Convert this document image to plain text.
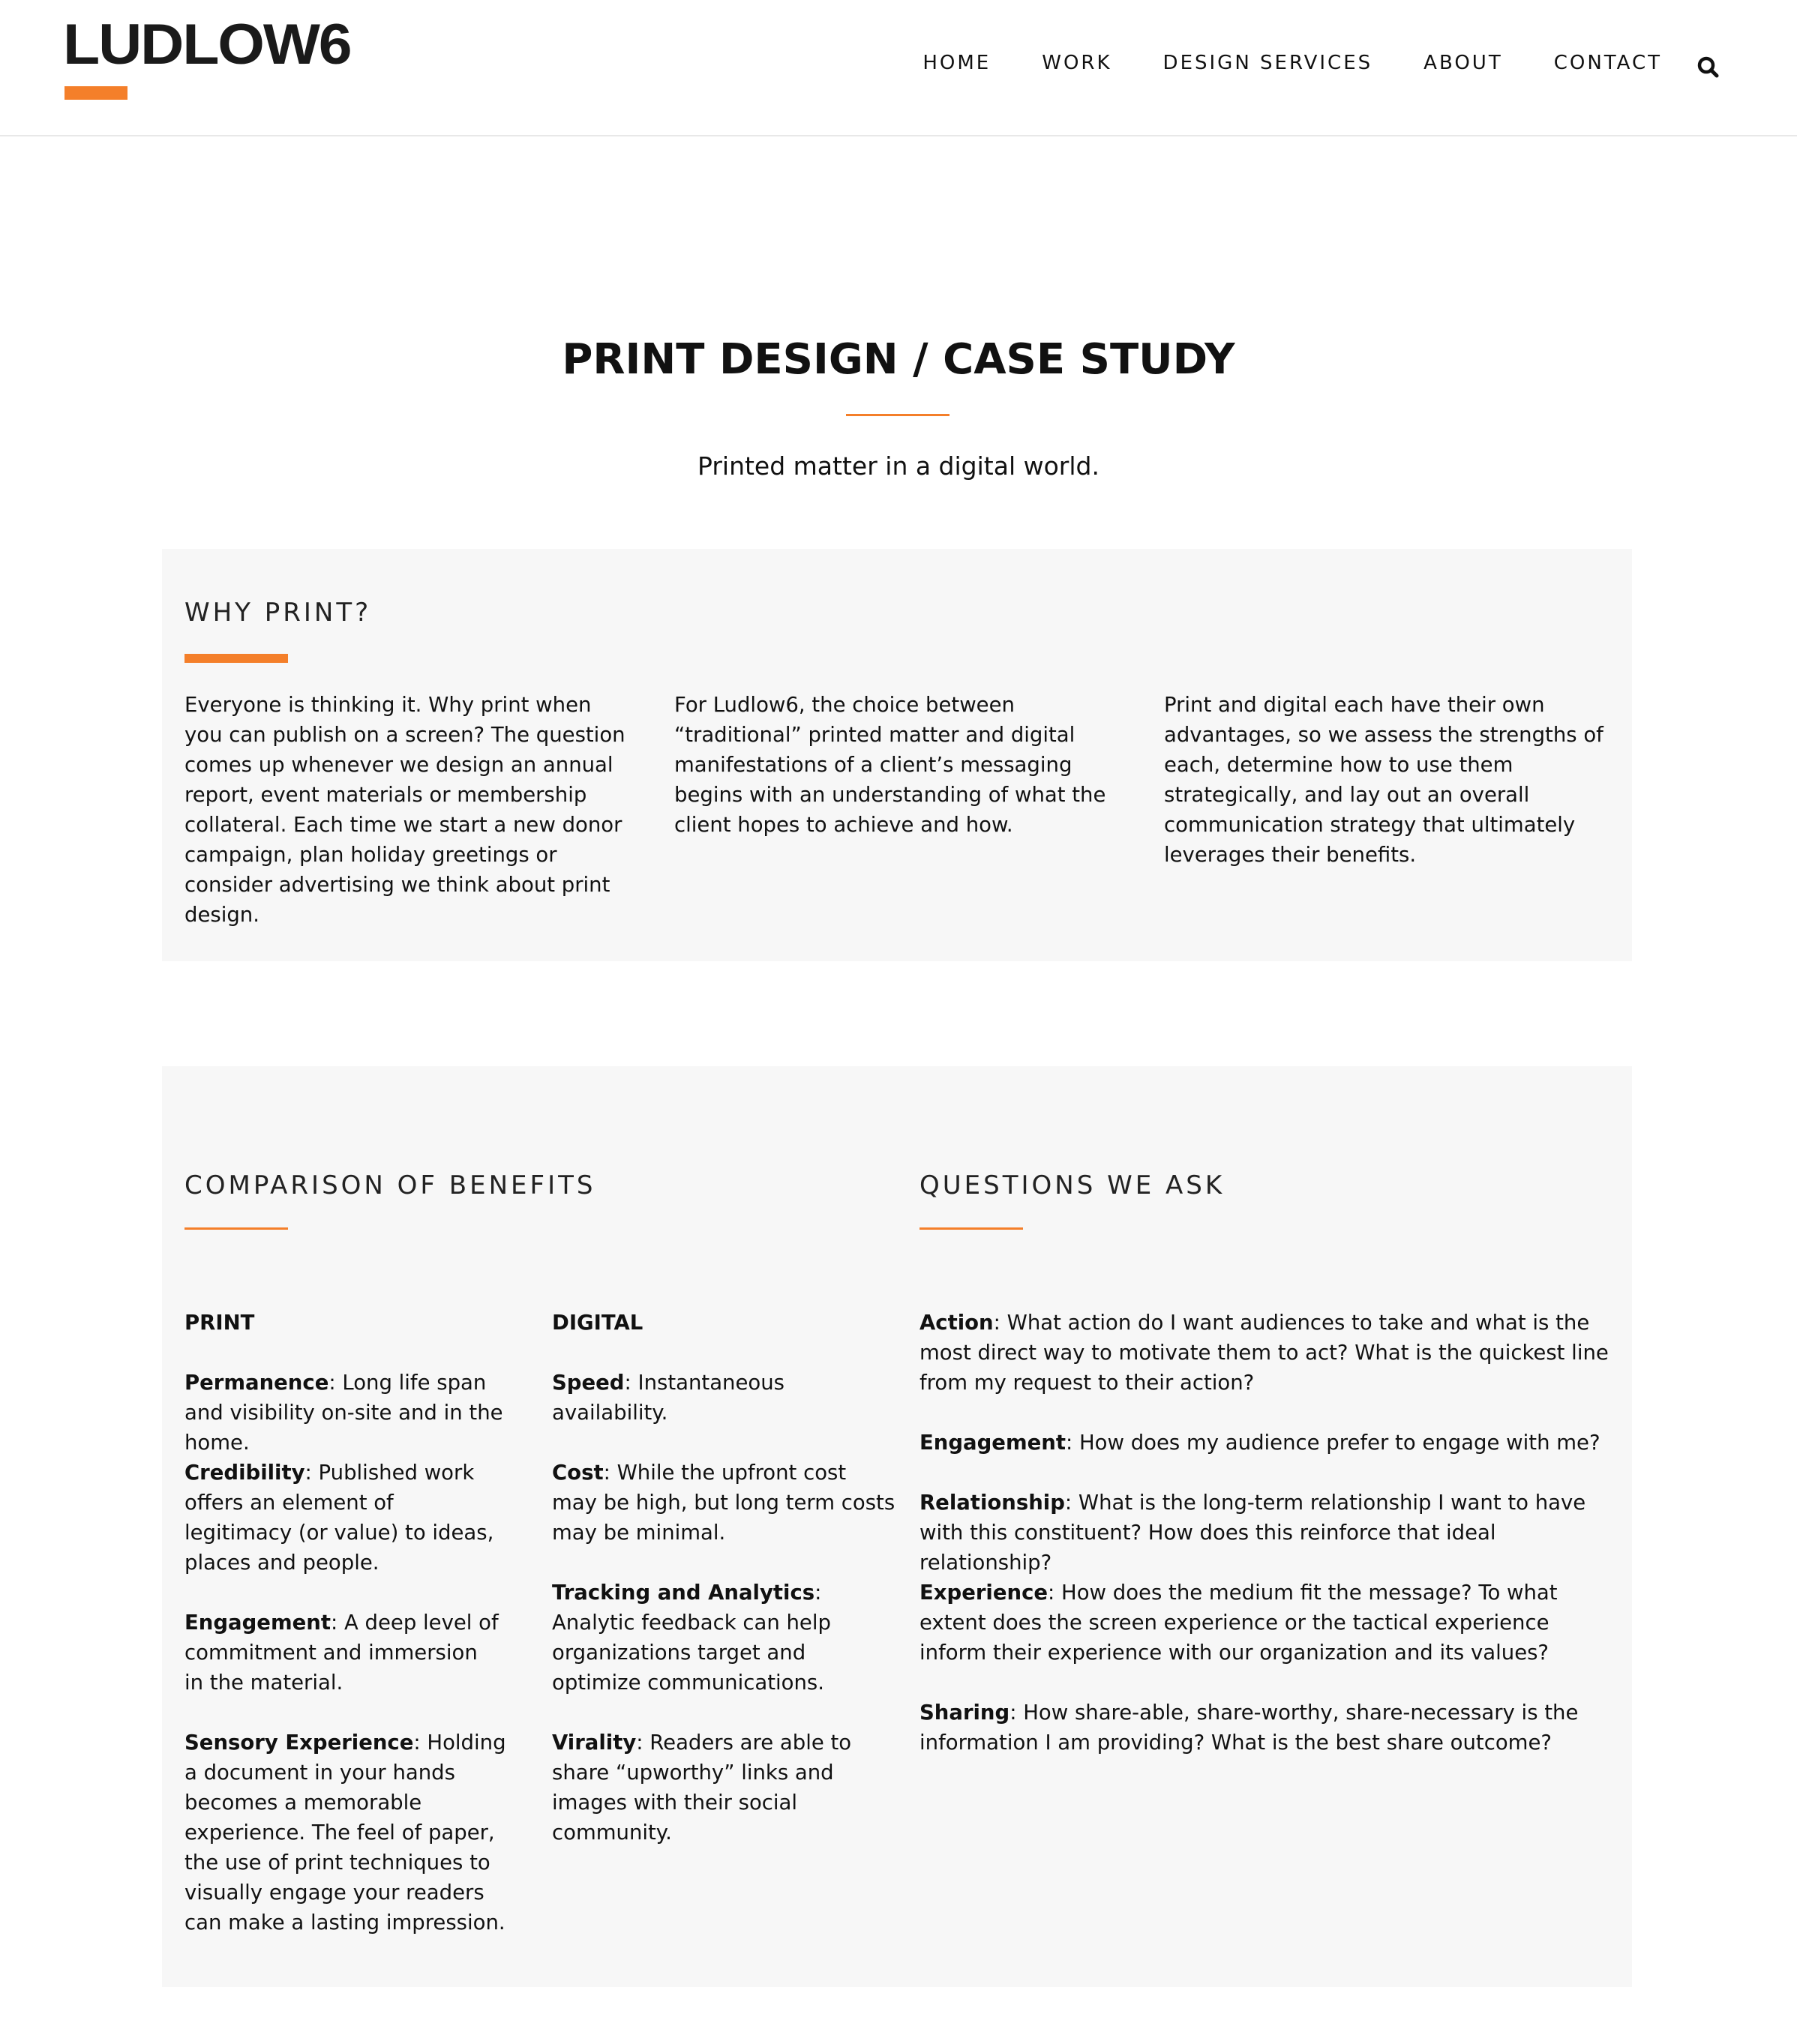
LUDLOW6	HOME	WORK	DESIGN SERVICES	ABOUT	CONTACT
PRINT DESIGN / CASE STUDY

Printed matter in a digital world.

WHY PRINT?

Everyone is thinking it. Why print when you can publish on a screen? The question comes up whenever we design an annual report, event materials or membership collateral. Each time we start a new donor campaign, plan holiday greetings or consider advertising we think about print design.

For Ludlow6, the choice between “traditional” printed matter and digital manifestations of a client’s messaging begins with an understanding of what the client hopes to achieve and how.

Print and digital each have their own advantages, so we assess the strengths of each, determine how to use them strategically, and lay out an overall communication strategy that ultimately leverages their benefits.

COMPARISON OF BENEFITS
PRINT

Permanence: Long life span and visibility on-site and in the home.

Credibility: Published work offers an element of legitimacy (or value) to ideas, places and people.

Engagement: A deep level of commitment and immersion in the material.

Sensory Experience: Holding a document in your hands becomes a memorable experience. The feel of paper, the use of print techniques to visually engage your readers can make a lasting impression.

DIGITAL

Speed: Instantaneous availability.

Cost: While the upfront cost may be high, but long term costs may be minimal.

Tracking and Analytics: Analytic feedback can help organizations target and optimize communications.

Virality: Readers are able to share “upworthy” links and images with their social community.

QUESTIONS WE ASK

Action: What action do I want audiences to take and what is the most direct way to motivate them to act? What is the quickest line from my request to their action?

Engagement: How does my audience prefer to engage with me?

Relationship: What is the long-term relationship I want to have with this constituent? How does this reinforce that ideal relationship?

Experience: How does the medium fit the message? To what extent does the screen experience or the tactical experience inform their experience with our organization and its values?

Sharing: How share-able, share-worthy, share-necessary is the information I am providing? What is the best share outcome?
